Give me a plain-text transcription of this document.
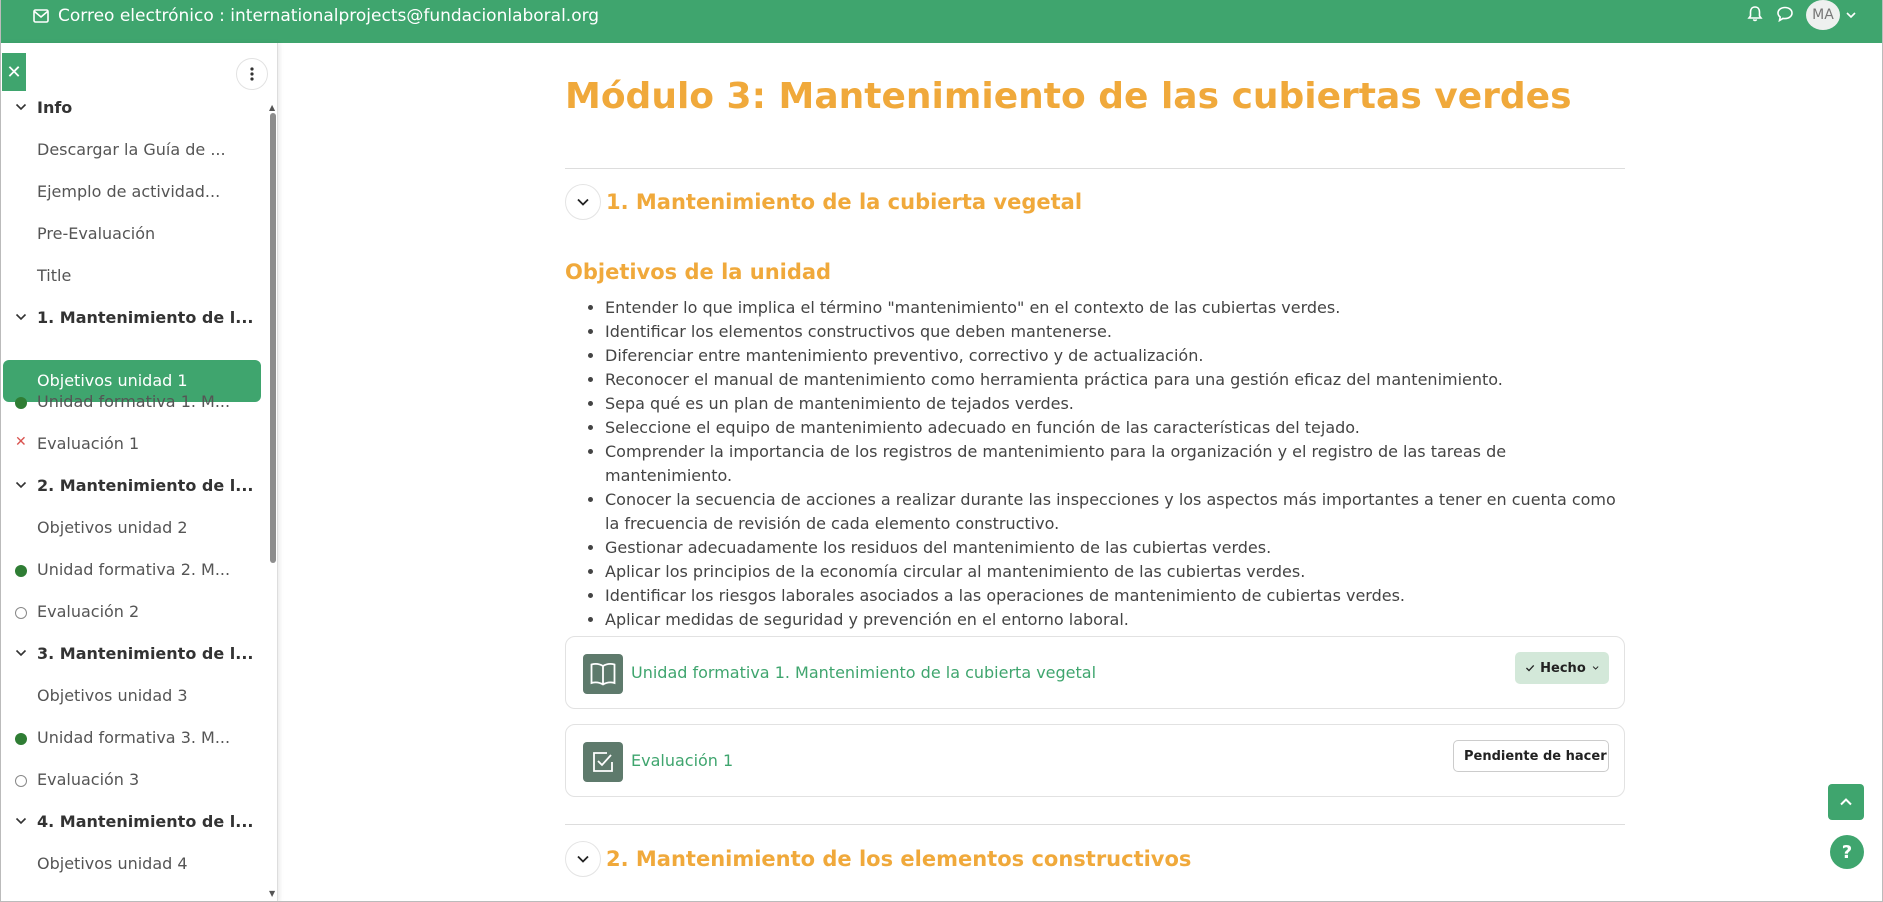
Correo electrónico : internationalprojects@fundacionlaboral.org	MA
✕
Info
Descargar la Guía de ...
Ejemplo de actividad...
Pre-Evaluación
Title
1. Mantenimiento de l...
Objetivos unidad 1
Unidad formativa 1. M...
✕ Evaluación 1
2. Mantenimiento de l...
Objetivos unidad 2
Unidad formativa 2. M...
Evaluación 2
3. Mantenimiento de l...
Objetivos unidad 3
Unidad formativa 3. M...
Evaluación 3
4. Mantenimiento de l...
Objetivos unidad 4
▲
▼
Módulo 3: Mantenimiento de las cubiertas verdes
1. Mantenimiento de la cubierta vegetal
Objetivos de la unidad
• Entender lo que implica el término "mantenimiento" en el contexto de las cubiertas verdes.
• Identificar los elementos constructivos que deben mantenerse.
• Diferenciar entre mantenimiento preventivo, correctivo y de actualización.
• Reconocer el manual de mantenimiento como herramienta práctica para una gestión eficaz del mantenimiento.
• Sepa qué es un plan de mantenimiento de tejados verdes.
• Seleccione el equipo de mantenimiento adecuado en función de las características del tejado.
• Comprender la importancia de los registros de mantenimiento para la organización y el registro de las tareas de mantenimiento.
• Conocer la secuencia de acciones a realizar durante las inspecciones y los aspectos más importantes a tener en cuenta como la frecuencia de revisión de cada elemento constructivo.
• Gestionar adecuadamente los residuos del mantenimiento de las cubiertas verdes.
• Aplicar los principios de la economía circular al mantenimiento de las cubiertas verdes.
• Identificar los riesgos laborales asociados a las operaciones de mantenimiento de cubiertas verdes.
• Aplicar medidas de seguridad y prevención en el entorno laboral.
Unidad formativa 1. Mantenimiento de la cubierta vegetal	Hecho
Evaluación 1	Pendiente de hacer
2. Mantenimiento de los elementos constructivos	?
